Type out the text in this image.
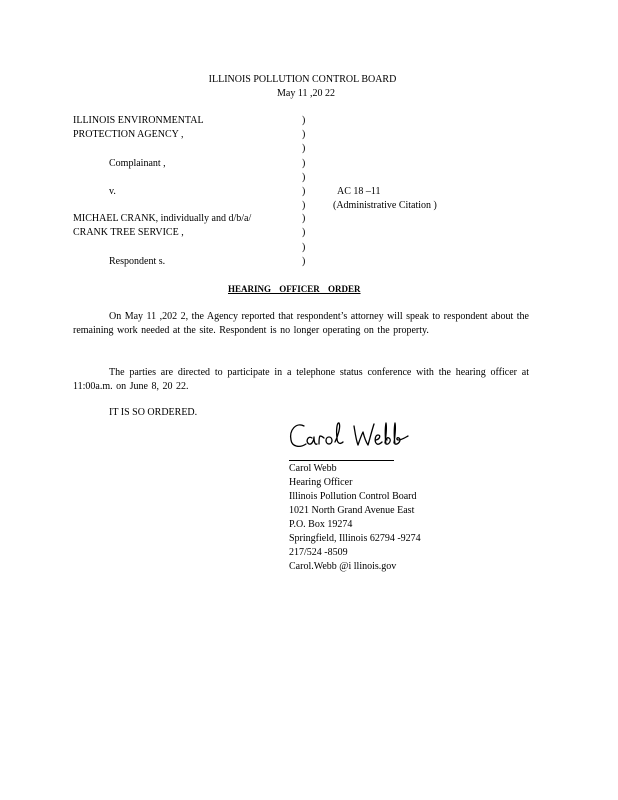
ILLINOIS POLLUTION CONTROL BOARD
May 11 ,20 22
ILLINOIS ENVIRONMENTAL
PROTECTION AGENCY ,
Complainant ,
v.
MICHAEL CRANK, individually and d/b/a/
CRANK TREE SERVICE ,
Respondent s.
)
)
)
)
)
)
)
)
)
)
)
AC 18 –11
(Administrative Citation )
HEARING OFFICER ORDER
On May 11 ,202 2, the Agency reported that respondent’s attorney will speak to respondent about the remaining work needed at the site. Respondent is no longer operating on the property.
The parties are directed to participate in a telephone status conference with the hearing officer at 11:00a.m. on June 8, 20 22.
IT IS SO ORDERED.
Carol Webb
Hearing Officer
Illinois Pollution Control Board
1021 North Grand Avenue East
P.O. Box 19274
Springfield, Illinois 62794 -9274
217/524 -8509
Carol.Webb @i llinois.gov
